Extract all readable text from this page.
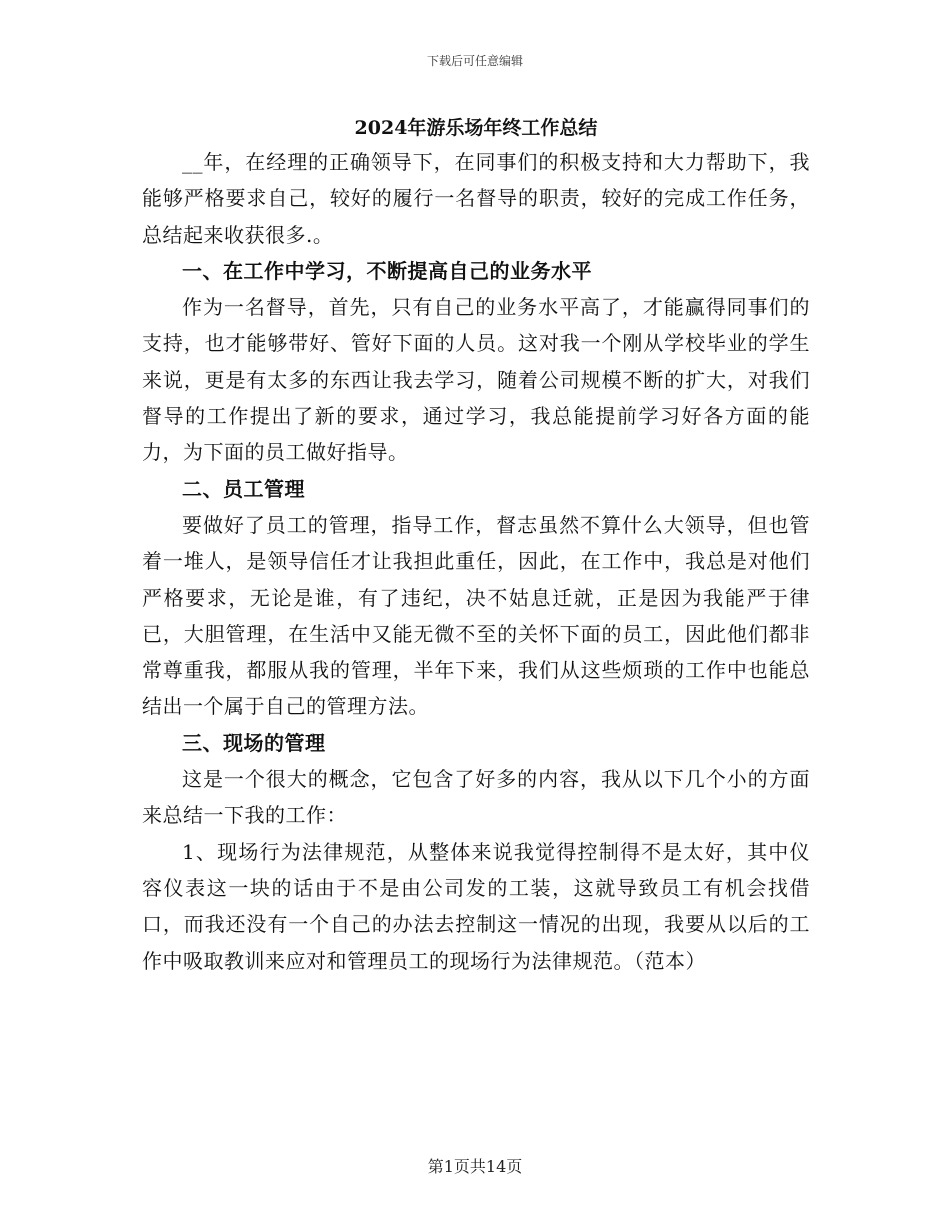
下载后可任意编辑
2024年游乐场年终工作总结

__年，在经理的正确领导下，在同事们的积极支持和大力帮助下，我能够严格要求自己，较好的履行一名督导的职责，较好的完成工作任务，总结起来收获很多.。

一、在工作中学习，不断提高自己的业务水平

作为一名督导，首先，只有自己的业务水平高了，才能赢得同事们的支持，也才能够带好、管好下面的人员。这对我一个刚从学校毕业的学生来说，更是有太多的东西让我去学习，随着公司规模不断的扩大，对我们督导的工作提出了新的要求，通过学习，我总能提前学习好各方面的能力，为下面的员工做好指导。

二、员工管理

要做好了员工的管理，指导工作，督志虽然不算什么大领导，但也管着一堆人，是领导信任才让我担此重任，因此，在工作中，我总是对他们严格要求，无论是谁，有了违纪，决不姑息迁就，正是因为我能严于律已，大胆管理，在生活中又能无微不至的关怀下面的员工，因此他们都非常尊重我，都服从我的管理，半年下来，我们从这些烦琐的工作中也能总结出一个属于自己的管理方法。

三、现场的管理

这是一个很大的概念，它包含了好多的内容，我从以下几个小的方面来总结一下我的工作：

1、现场行为法律规范，从整体来说我觉得控制得不是太好，其中仪容仪表这一块的话由于不是由公司发的工装，这就导致员工有机会找借口，而我还没有一个自己的办法去控制这一情况的出现，我要从以后的工作中吸取教训来应对和管理员工的现场行为法律规范。（范本）

第1页共14页
